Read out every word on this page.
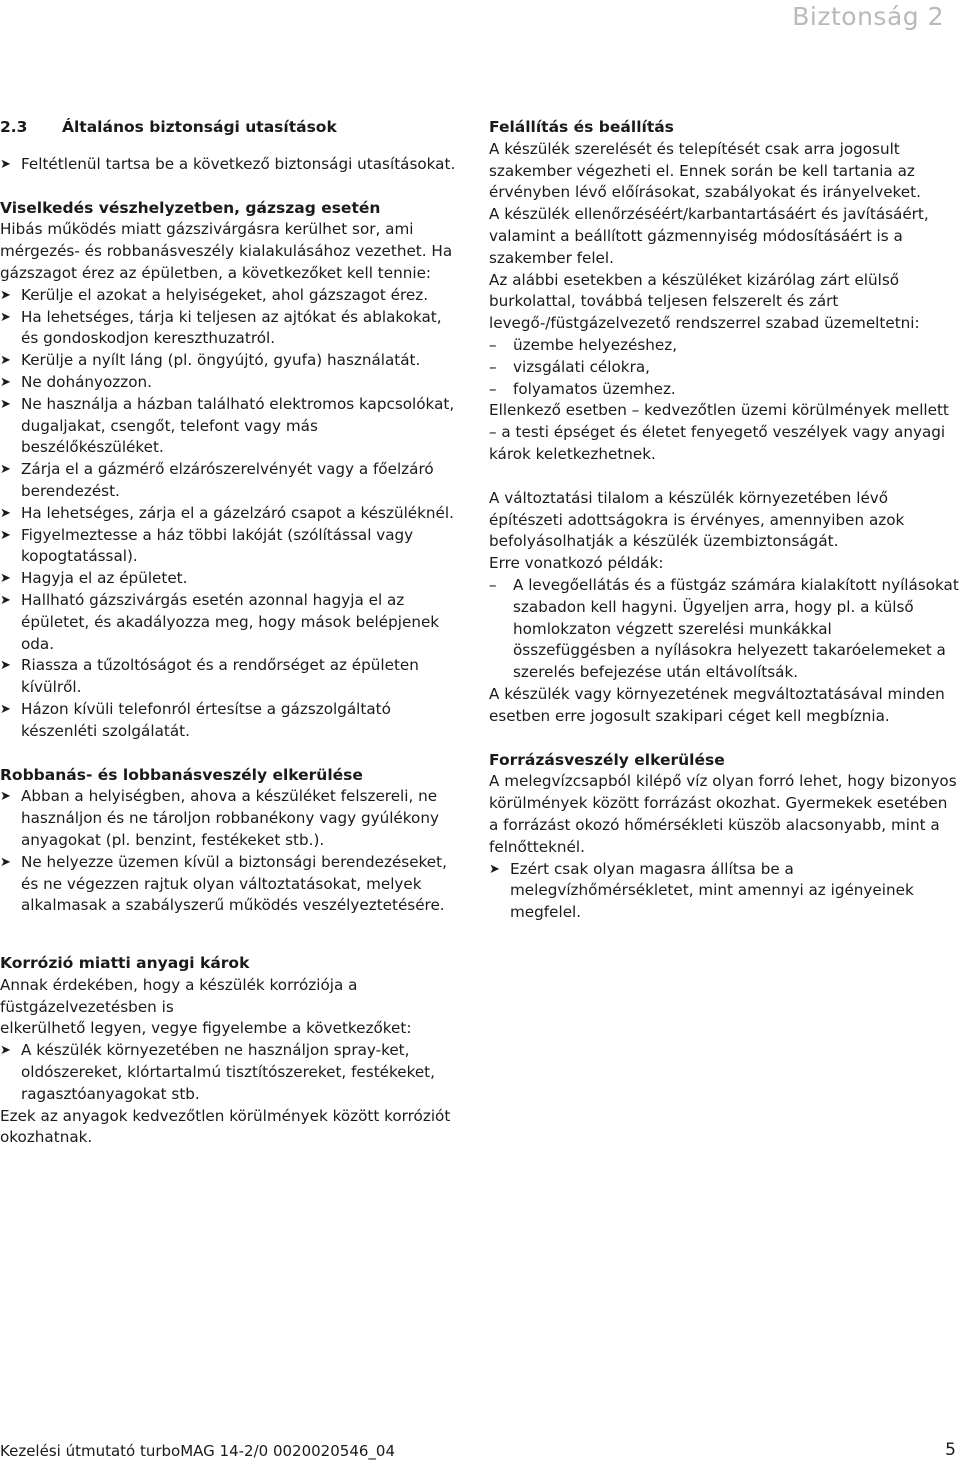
Biztonság 2
2.3	Általános biztonsági utasítások
➤ Feltétlenül tartsa be a következő biztonsági utasításokat.
Viselkedés vészhelyzetben, gázszag esetén

Hibás működés miatt gázszivárgásra kerülhet sor, ami mérgezés- és robbanásveszély kialakulásához vezethet. Ha gázszagot érez az épületben, a következőket kell tennie:

➤ Kerülje el azokat a helyiségeket, ahol gázszagot érez.
➤ Ha lehetséges, tárja ki teljesen az ajtókat és ablakokat, és gondoskodjon kereszthuzatról.
➤ Kerülje a nyílt láng (pl. öngyújtó, gyufa) használatát.
➤ Ne dohányozzon.
➤ Ne használja a házban található elektromos kapcsolókat, dugaljakat, csengőt, telefont vagy más beszélőkészüléket.
➤ Zárja el a gázmérő elzárószerelvényét vagy a főelzáró berendezést.
➤ Ha lehetséges, zárja el a gázelzáró csapot a készüléknél.
➤ Figyelmeztesse a ház többi lakóját (szólítással vagy kopogtatással).
➤ Hagyja el az épületet.
➤ Hallható gázszivárgás esetén azonnal hagyja el az épületet, és akadályozza meg, hogy mások belépjenek oda.
➤ Riassza a tűzoltóságot és a rendőrséget az épületen kívülről.
➤ Házon kívüli telefonról értesítse a gázszolgáltató készenléti szolgálatát.
Robbanás- és lobbanásveszély elkerülése
➤ Abban a helyiségben, ahova a készüléket felszereli, ne használjon és ne tároljon robbanékony vagy gyúlékony anyagokat (pl. benzint, festékeket stb.).
➤ Ne helyezze üzemen kívül a biztonsági berendezéseket, és ne végezzen rajtuk olyan változtatásokat, melyek alkalmasak a szabályszerű működés veszélyeztetésére.
Korrózió miatti anyagi károk

Annak érdekében, hogy a készülék korróziója a füstgázelvezetésben is

elkerülhető legyen, vegye figyelembe a következőket:

➤ A készülék környezetében ne használjon spray-ket, oldószereket, klórtartalmú tisztítószereket, festékeket, ragasztóanyagokat stb.

Ezek az anyagok kedvezőtlen körülmények között korróziót okozhatnak.

Felállítás és beállítás

A készülék szerelését és telepítését csak arra jogosult szakember végezheti el. Ennek során be kell tartania az érvényben lévő előírásokat, szabályokat és irányelveket.

A készülék ellenőrzéséért/karbantartásáért és javításáért, valamint a beállított gázmennyiség módosításáért is a szakember felel.

Az alábbi esetekben a készüléket kizárólag zárt elülső burkolattal, továbbá teljesen felszerelt és zárt levegő-/füstgázelvezető rendszerrel szabad üzemeltetni:

– üzembe helyezéshez,
– vizsgálati célokra,
– folyamatos üzemhez.

Ellenkező esetben – kedvezőtlen üzemi körülmények mellett – a testi épséget és életet fenyegető veszélyek vagy anyagi károk keletkezhetnek.

A változtatási tilalom a készülék környezetében lévő építészeti adottságokra is érvényes, amennyiben azok befolyásolhatják a készülék üzembiztonságát.

Erre vonatkozó példák:

– A levegőellátás és a füstgáz számára kialakított nyílásokat szabadon kell hagyni. Ügyeljen arra, hogy pl. a külső homlokzaton végzett szerelési munkákkal összefüggésben a nyílásokra helyezett takaróelemeket a szerelés befejezése után eltávolítsák.

A készülék vagy környezetének megváltoztatásával minden esetben erre jogosult szakipari céget kell megbíznia.

Forrázásveszély elkerülése

A melegvízcsapból kilépő víz olyan forró lehet, hogy bizonyos körülmények között forrázást okozhat. Gyermekek esetében a forrázást okozó hőmérsékleti küszöb alacsonyabb, mint a felnőtteknél.

➤ Ezért csak olyan magasra állítsa be a melegvízhőmérsékletet, mint amennyi az igényeinek megfelel.
Kezelési útmutató turboMAG 14-2/0 0020020546_04	5
